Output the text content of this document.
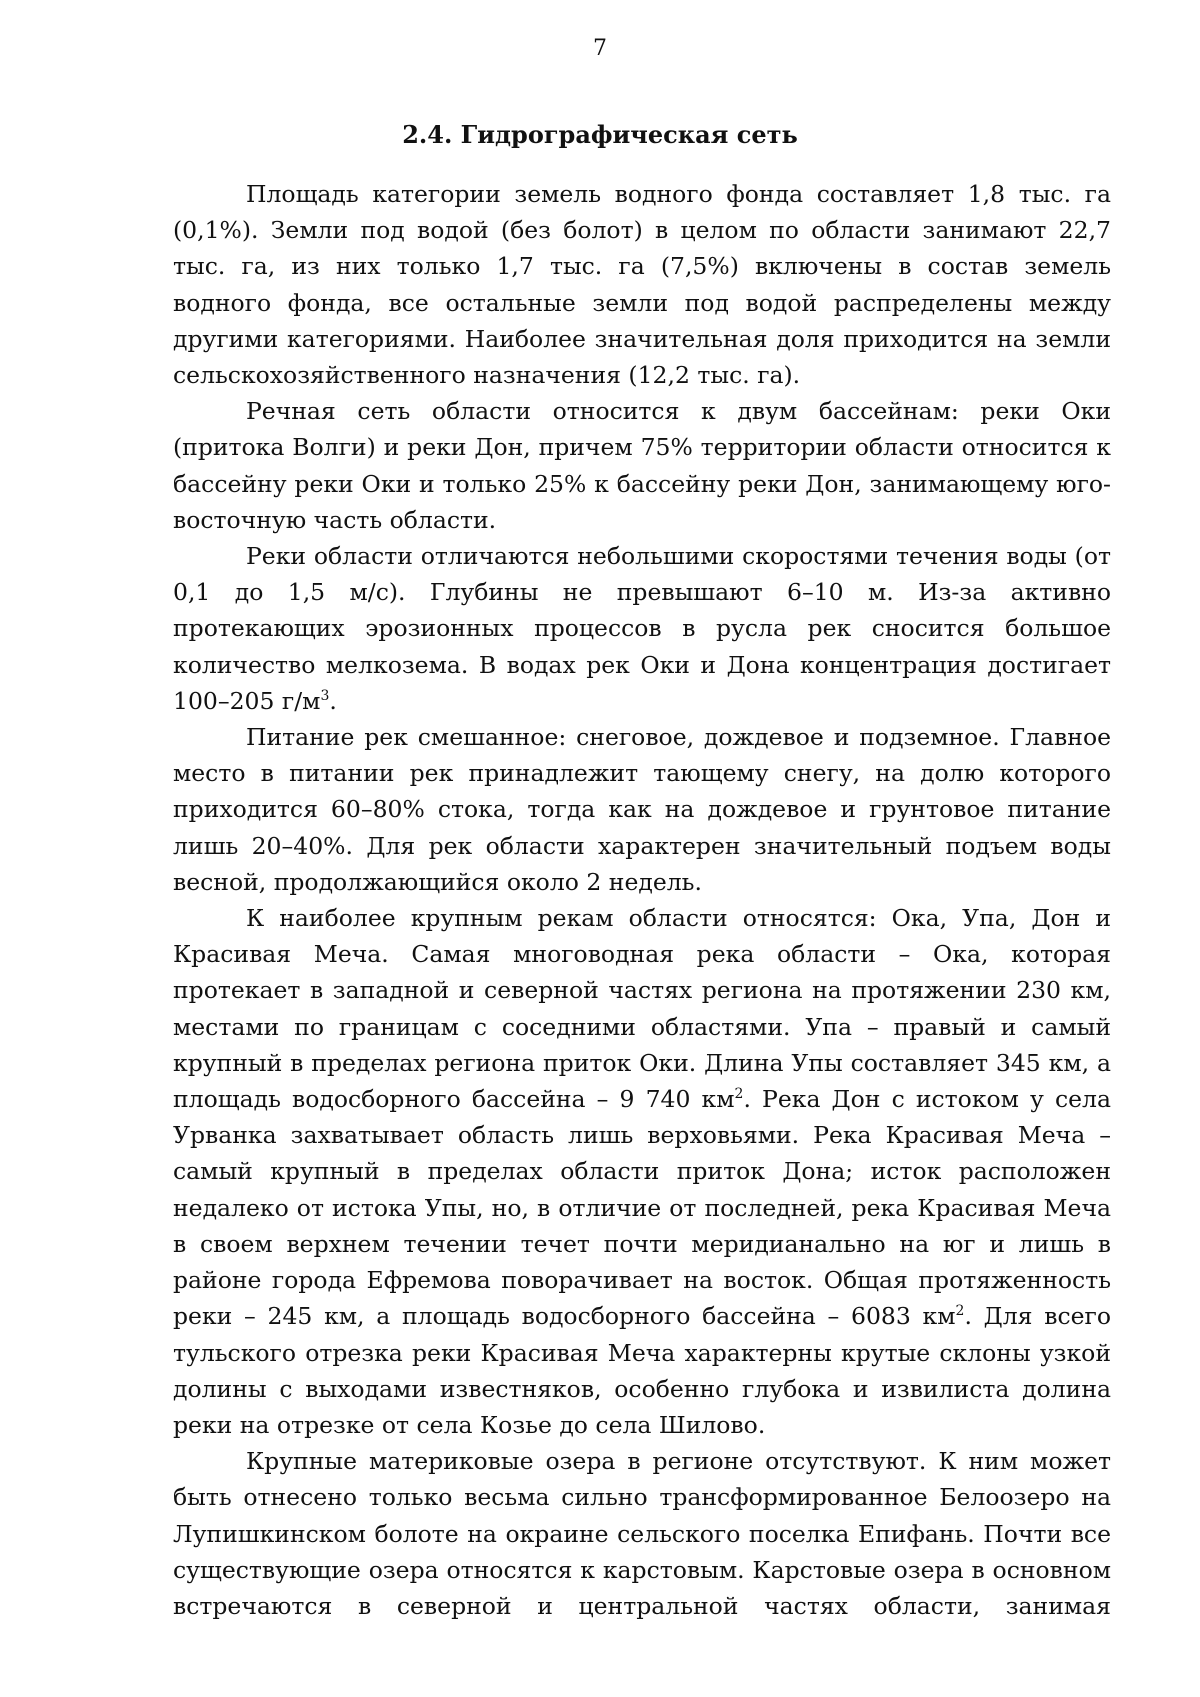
7
2.4. Гидрографическая сеть

Площадь категории земель водного фонда составляет 1,8 тыс. га (0,1%). Земли под водой (без болот) в целом по области занимают 22,7 тыс. га, из них только 1,7 тыс. га (7,5%) включены в состав земель водного фонда, все остальные земли под водой распределены между другими категориями. Наиболее значительная доля приходится на земли сельскохозяйственного назначения (12,2 тыс. га).

Речная сеть области относится к двум бассейнам: реки Оки (притока Волги) и реки Дон, причем 75% территории области относится к бассейну реки Оки и только 25% к бассейну реки Дон, занимающему юго-восточную часть области.

Реки области отличаются небольшими скоростями течения воды (от 0,1 до 1,5 м/с). Глубины не превышают 6–10 м. Из-за активно протекающих эрозионных процессов в русла рек сносится большое количество мелкозема. В водах рек Оки и Дона концентрация достигает 100–205 $г/м^3$.

Питание рек смешанное: снеговое, дождевое и подземное. Главное место в питании рек принадлежит тающему снегу, на долю которого приходится 60–80% стока, тогда как на дождевое и грунтовое питание лишь 20–40%. Для рек области характерен значительный подъем воды весной, продолжающийся около 2 недель.

К наиболее крупным рекам области относятся: Ока, Упа, Дон и Красивая Меча. Самая многоводная река области – Ока, которая протекает в западной и северной частях региона на протяжении 230 км, местами по границам с соседними областями. Упа – правый и самый крупный в пределах региона приток Оки. Длина Упы составляет 345 км, а площадь водосборного бассейна – 9 740 $км^2$. Река Дон с истоком у села Урванка захватывает область лишь верховьями. Река Красивая Меча – самый крупный в пределах области приток Дона; исток расположен недалеко от истока Упы, но, в отличие от последней, река Красивая Меча в своем верхнем течении течет почти меридианально на юг и лишь в районе города Ефремова поворачивает на восток. Общая протяженность реки – 245 км, а площадь водосборного бассейна – 6083 $км^2$. Для всего тульского отрезка реки Красивая Меча характерны крутые склоны узкой долины с выходами известняков, особенно глубока и извилиста долина реки на отрезке от села Козье до села Шилово.

Крупные материковые озера в регионе отсутствуют. К ним может быть отнесено только весьма сильно трансформированное Белоозеро на Лупишкинском болоте на окраине сельского поселка Епифань. Почти все существующие озера относятся к карстовым. Карстовые озера в основном встречаются в северной и центральной частях области, занимая
